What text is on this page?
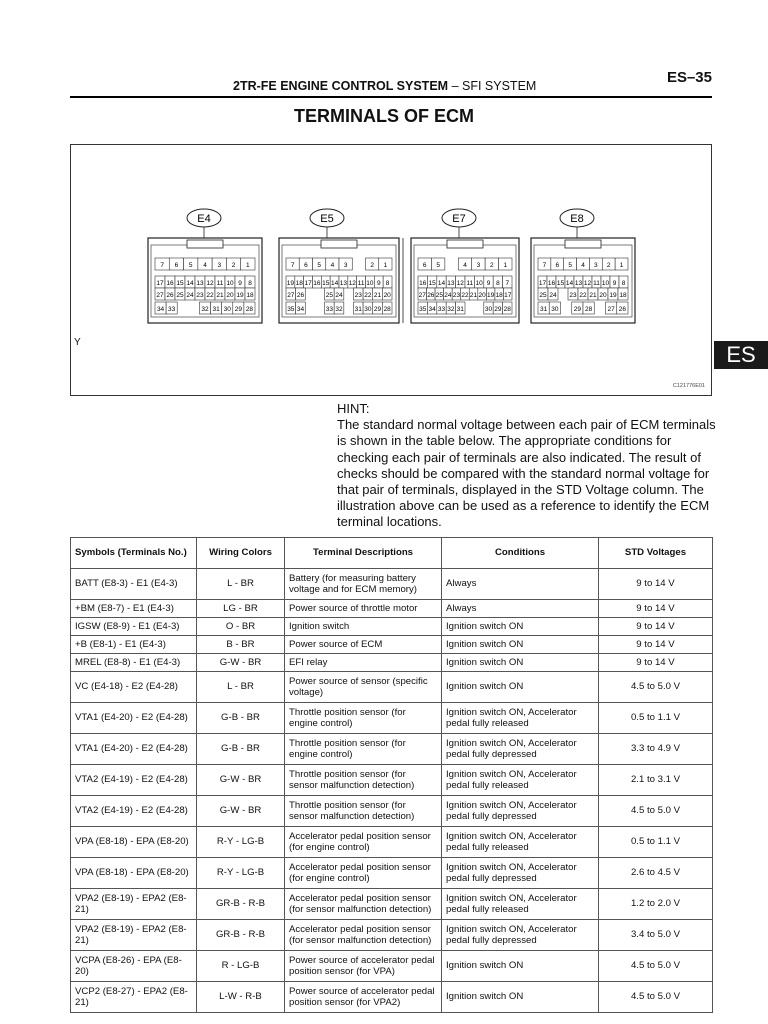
2TR-FE ENGINE CONTROL SYSTEM – SFI SYSTEM	ES–35
TERMINALS OF ECM
E4
7 6 5 4 3 2 1
17 16 15 14 13 12 11 10 9 8
27 26 25 24 23 22 21 20 19 18
34 33	32 31 30 29 28
E5
7 6 5 4 3	2 1
19 18 17 16 15 14 13 12 11 10 9 8
27 26	25 24 23 22 21 20
35 34	33 32 31 30 29 28
E7
6 5	4 3 2 1
16 15 14 13 12 11 10 9 8 7
27 26 25 24 23 22 21 20 19 18 17
35 34 33 32 31	30 29 28
E8
7 6 5 4 3 2 1
17 16 15 14 13 12 11 10 9 8
25 24 23 22 21 20 19 18
31 30 29 28 27 26
Y
C121776E01
ES

HINT:

The standard normal voltage between each pair of ECM terminals is shown in the table below. The appropriate conditions for checking each pair of terminals are also indicated. The result of checks should be compared with the standard normal voltage for that pair of terminals, displayed in the STD Voltage column. The illustration above can be used as a reference to identify the ECM terminal locations.

Symbols (Terminals No.)	Wiring Colors	Terminal Descriptions	Conditions	STD Voltages
BATT (E8-3) - E1 (E4-3)	L - BR	Battery (for measuring battery voltage and for ECM memory)	Always	9 to 14 V
+BM (E8-7) - E1 (E4-3)	LG - BR	Power source of throttle motor	Always	9 to 14 V
IGSW (E8-9) - E1 (E4-3)	O - BR	Ignition switch	Ignition switch ON	9 to 14 V
+B (E8-1) - E1 (E4-3)	B - BR	Power source of ECM	Ignition switch ON	9 to 14 V
MREL (E8-8) - E1 (E4-3)	G-W - BR	EFI relay	Ignition switch ON	9 to 14 V
VC (E4-18) - E2 (E4-28)	L - BR	Power source of sensor (specific voltage)	Ignition switch ON	4.5 to 5.0 V
VTA1 (E4-20) - E2 (E4-28)	G-B - BR	Throttle position sensor (for engine control)	Ignition switch ON, Accelerator pedal fully released	0.5 to 1.1 V
VTA1 (E4-20) - E2 (E4-28)	G-B - BR	Throttle position sensor (for engine control)	Ignition switch ON, Accelerator pedal fully depressed	3.3 to 4.9 V
VTA2 (E4-19) - E2 (E4-28)	G-W - BR	Throttle position sensor (for sensor malfunction detection)	Ignition switch ON, Accelerator pedal fully released	2.1 to 3.1 V
VTA2 (E4-19) - E2 (E4-28)	G-W - BR	Throttle position sensor (for sensor malfunction detection)	Ignition switch ON, Accelerator pedal fully depressed	4.5 to 5.0 V
VPA (E8-18) - EPA (E8-20)	R-Y - LG-B	Accelerator pedal position sensor (for engine control)	Ignition switch ON, Accelerator pedal fully released	0.5 to 1.1 V
VPA (E8-18) - EPA (E8-20)	R-Y - LG-B	Accelerator pedal position sensor (for engine control)	Ignition switch ON, Accelerator pedal fully depressed	2.6 to 4.5 V
VPA2 (E8-19) - EPA2 (E8-21)	GR-B - R-B	Accelerator pedal position sensor (for sensor malfunction detection)	Ignition switch ON, Accelerator pedal fully released	1.2 to 2.0 V
VPA2 (E8-19) - EPA2 (E8-21)	GR-B - R-B	Accelerator pedal position sensor (for sensor malfunction detection)	Ignition switch ON, Accelerator pedal fully depressed	3.4 to 5.0 V
VCPA (E8-26) - EPA (E8-20)	R - LG-B	Power source of accelerator pedal position sensor (for VPA)	Ignition switch ON	4.5 to 5.0 V
VCP2 (E8-27) - EPA2 (E8-21)	L-W - R-B	Power source of accelerator pedal position sensor (for VPA2)	Ignition switch ON	4.5 to 5.0 V
